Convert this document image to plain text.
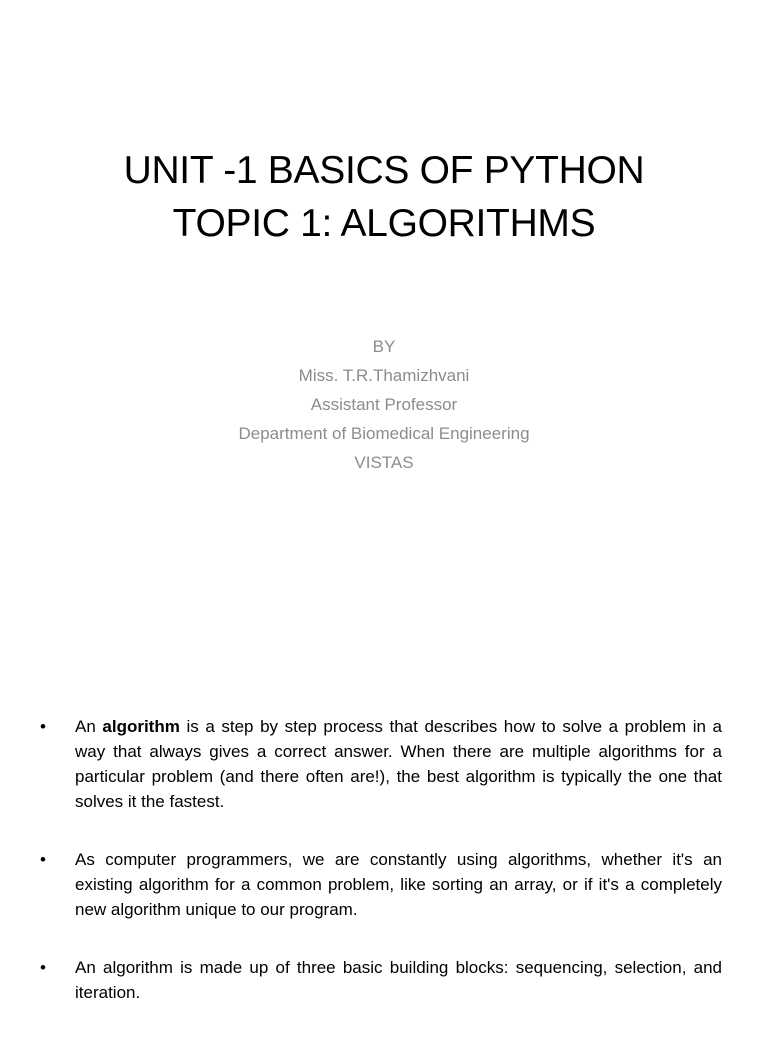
UNIT -1 BASICS OF PYTHON
TOPIC 1: ALGORITHMS
BY
Miss. T.R.Thamizhvani
Assistant Professor
Department of Biomedical Engineering
VISTAS
• An algorithm is a step by step process that describes how to solve a problem in a way that always gives a correct answer. When there are multiple algorithms for a particular problem (and there often are!), the best algorithm is typically the one that solves it the fastest.
• As computer programmers, we are constantly using algorithms, whether it's an existing algorithm for a common problem, like sorting an array, or if it's a completely new algorithm unique to our program.
• An algorithm is made up of three basic building blocks: sequencing, selection, and iteration.
